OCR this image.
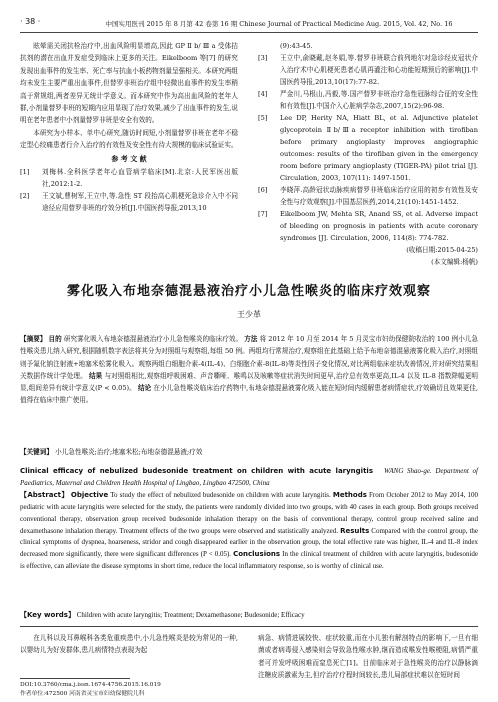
· 38 ·	中国实用医刊 2015 年 8 月第 42 卷第 16 期 Chinese Journal of Practical Medicine Aug. 2015, Vol. 42, No. 16

眩晕需关闭抗栓治疗中,出血风险明显增高,因此 GP Ⅱ b/ Ⅲ a 受体拮抗剂的潜在出血并发症受到临床上更多的关注。Eikelboom 等[7] 的研究发现出血事件的发生率、死亡率与抗血小板药物剂量呈强相关。本研究两组均未发生主要严重出血事件,但替罗非班治疗组中轻微出血事件的发生率稍高于常规组,两者差异无统计学意义。而本研究中作为高出血风险的老年人群,小剂量替罗非班的短期内应用显现了治疗效果,减少了出血事件的发生,说明在老年患者中小剂量替罗非班是安全有效的。

本研究为小样本、单中心研究,随访时间短,小剂量替罗非班在老年不稳定型心绞痛患者行介入治疗的有效性及安全性有待大规模的临床试验证实。

参 考 文 献
[1]	刘梅林.全科医学老年心血管病学临床[M].北京:人民军医出版社,2012:1-2.
[2]	王文斌,曹树军,王立中,等.急性 ST 段抬高心肌梗死急诊介入中不同途径应用替罗非班的疗效分析[J].中国医药导报,2013,10
(9):43-45.
[3]	王立中,俞晓戴,赵冬娟,等.替罗非班联合前列地尔对急诊经皮冠状介入治疗术中心肌梗死患者心肌再灌注和心功能短期预后的影响[J].中国医药导报,2013,10(17):77-82.
[4]	严金川,马根山,冯毅,等.国产替罗非班治疗急性冠脉综合征的安全性和有效性[J].中国介入心脏病学杂志,2007,15(2):96-98.
[5]	Lee DP, Herity NA, Hiatt BL, et al. Adjunctive platelet glycoprotein Ⅱb/Ⅲa receptor inhibition with tirofiban before primary angioplasty improves angiographic outcomes: results of the tirofiban given in the emergency room before primary angioplasty (TIGER-PA) pilot trial [J]. Circulation, 2003, 107(11): 1497-1501.
[6]	李晓萍.高龄冠状动脉疾病替罗非班临床治疗应用的初步有效性及安全性与疗效观察[J].中国基层医药,2014,21(10):1451-1452.
[7]	Eikelboom JW, Mehta SR, Anand SS, et al. Adverse impact of bleeding on prognosis in patients with acute coronary syndromes [J]. Circulation, 2006, 114(8): 774-782.
(收稿日期:2015-04-25)
(本文编辑:杨帆)
雾化吸入布地奈德混悬液治疗小儿急性喉炎的临床疗效观察
王少革
【摘要】 目的 研究雾化吸入布地奈德混悬液治疗小儿急性喉炎的临床疗效。 方法 将 2012 年 10 月至 2014 年 5 月灵宝市妇幼保健院收治的 100 例小儿急性喉炎患儿纳入研究,根据随机数字表法将其分为对照组与观察组,每组 50 例。两组均行常规治疗,观察组在此基础上给予布地奈德混悬液雾化吸入治疗,对照组则予氟化钠注射液+地塞米松雾化吸入。观察两组白细胞介素-4(IL-4)、白细胞介素-8(IL-8)等炎性因子变化情况,对比两组临床症状改善情况,并对研究结果相关数据作统计学处理。 结果 与对照组相比,观察组呼吸困难、声音嘶哑、喉鸣以及咳嗽等症状消失时间更早,治疗总有效率更高,IL-4 以及 IL-8 指数降幅更明显,组间差异有统计学意义(P < 0.05)。 结论 在小儿急性喉炎临床治疗药物中,布地奈德混悬液雾化吸入能在短时间内缓解患者病情症状,疗效确切且效果更佳,值得在临床中推广使用。
【关键词】 小儿急性喉炎;治疗;地塞米松;布地奈德混悬液;疗效
Clinical efficacy of nebulized budesonide treatment on children with acute laryngitis WANG Shao-ge. Department of Paediatrics, Maternal and Children Health Hospital of Lingbao, Lingbao 472500, China
【Abstract】 Objective To study the effect of nebulized budesonide on children with acute laryngitis. Methods From October 2012 to May 2014, 100 pediatric with acute laryngitis were selected for the study, the patients were randomly divided into two groups, with 40 cases in each group. Both groups received conventional therapy, observation group received budesonide inhalation therapy on the basis of conventional therapy, control group received saline and dexamethasone inhalation therapy. Treatment effects of the two groups were observed and statistically analyzed. Results Compared with the control group, the clinical symptoms of dyspnea, hoarseness, stridor and cough disappeared earlier in the observation group, the total effective rate was higher, IL-4 and IL-8 index decreased more significantly, there were significant differences (P < 0.05). Conclusions In the clinical treatment of children with acute laryngitis, budesonide is effective, can alleviate the disease symptoms in short time, reduce the local inflammatory response, so is worthy of clinical use.
【Key words】 Children with acute laryngitis; Treatment; Dexamethasone; Budesonide; Efficacy

在儿科以及耳鼻喉科各类危重疾患中,小儿急性喉炎是较为常见的一种,以婴幼儿为好发群体,患儿病情特点表现为起

病急、病情进展较快、症状较重,而在小儿独有解剖特点的影响下,一旦有细菌或者病毒侵入感染则会导致急性喉水肿,继而造成喉发性喉梗阻,病情严重者可并发呼吸困难而窒息死亡[1]。目前临床对于急性喉炎的治疗以静脉滴注糖皮质激素为主,但疗治疗疗程时间较长,患儿局部症状难以在短时间
DOI:10.3760/cma.j.issn.1674-4756.2015.16.019
作者单位:472500 河南省灵宝市妇幼保健院儿科
